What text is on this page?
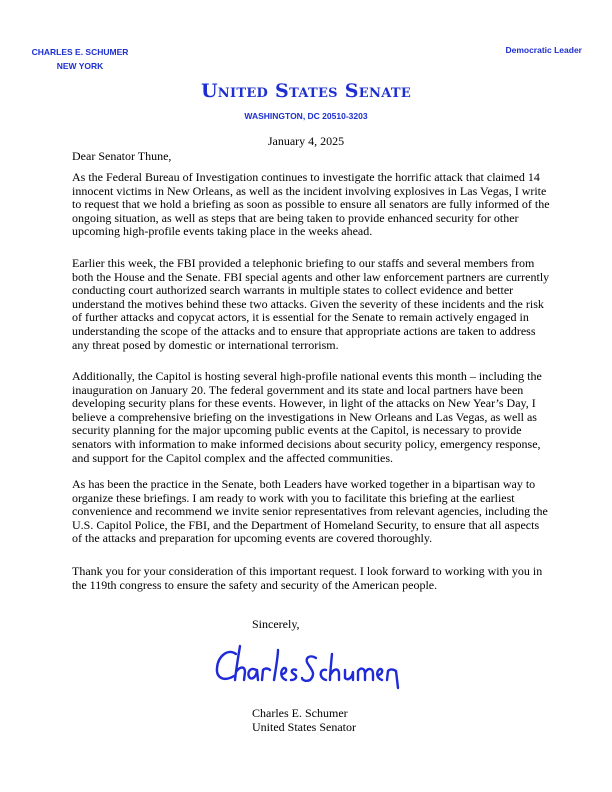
CHARLES E. SCHUMER
NEW YORK
Democratic Leader
United States Senate
WASHINGTON, DC 20510-3203
January 4, 2025
Dear Senator Thune,
As the Federal Bureau of Investigation continues to investigate the horrific attack that claimed 14 innocent victims in New Orleans, as well as the incident involving explosives in Las Vegas, I write to request that we hold a briefing as soon as possible to ensure all senators are fully informed of the ongoing situation, as well as steps that are being taken to provide enhanced security for other upcoming high-profile events taking place in the weeks ahead.
Earlier this week, the FBI provided a telephonic briefing to our staffs and several members from both the House and the Senate. FBI special agents and other law enforcement partners are currently conducting court authorized search warrants in multiple states to collect evidence and better understand the motives behind these two attacks. Given the severity of these incidents and the risk of further attacks and copycat actors, it is essential for the Senate to remain actively engaged in understanding the scope of the attacks and to ensure that appropriate actions are taken to address any threat posed by domestic or international terrorism.
Additionally, the Capitol is hosting several high-profile national events this month – including the inauguration on January 20. The federal government and its state and local partners have been developing security plans for these events. However, in light of the attacks on New Year’s Day, I believe a comprehensive briefing on the investigations in New Orleans and Las Vegas, as well as security planning for the major upcoming public events at the Capitol, is necessary to provide senators with information to make informed decisions about security policy, emergency response, and support for the Capitol complex and the affected communities.
As has been the practice in the Senate, both Leaders have worked together in a bipartisan way to organize these briefings. I am ready to work with you to facilitate this briefing at the earliest convenience and recommend we invite senior representatives from relevant agencies, including the U.S. Capitol Police, the FBI, and the Department of Homeland Security, to ensure that all aspects of the attacks and preparation for upcoming events are covered thoroughly.
Thank you for your consideration of this important request. I look forward to working with you in the 119th congress to ensure the safety and security of the American people.
Sincerely,
Charles E. Schumer
United States Senator
